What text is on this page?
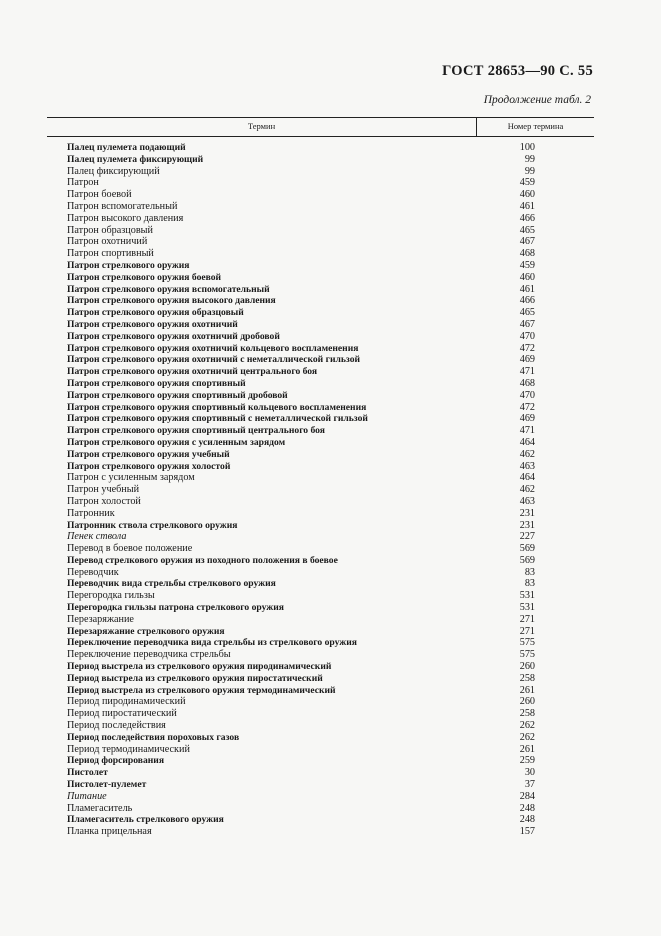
ГОСТ 28653—90 С. 55
Продолжение табл. 2
Термин	Номер термина
Палец пулемета подающий	100
Палец пулемета фиксирующий	99
Палец фиксирующий	99
Патрон	459
Патрон боевой	460
Патрон вспомогательный	461
Патрон высокого давления	466
Патрон образцовый	465
Патрон охотничий	467
Патрон спортивный	468
Патрон стрелкового оружия	459
Патрон стрелкового оружия боевой	460
Патрон стрелкового оружия вспомогательный	461
Патрон стрелкового оружия высокого давления	466
Патрон стрелкового оружия образцовый	465
Патрон стрелкового оружия охотничий	467
Патрон стрелкового оружия охотничий дробовой	470
Патрон стрелкового оружия охотничий кольцевого воспламенения	472
Патрон стрелкового оружия охотничий с неметаллической гильзой	469
Патрон стрелкового оружия охотничий центрального боя	471
Патрон стрелкового оружия спортивный	468
Патрон стрелкового оружия спортивный дробовой	470
Патрон стрелкового оружия спортивный кольцевого воспламенения	472
Патрон стрелкового оружия спортивный с неметаллической гильзой	469
Патрон стрелкового оружия спортивный центрального боя	471
Патрон стрелкового оружия с усиленным зарядом	464
Патрон стрелкового оружия учебный	462
Патрон стрелкового оружия холостой	463
Патрон с усиленным зарядом	464
Патрон учебный	462
Патрон холостой	463
Патронник	231
Патронник ствола стрелкового оружия	231
Пенек ствола	227
Перевод в боевое положение	569
Перевод стрелкового оружия из походного положения в боевое	569
Переводчик	83
Переводчик вида стрельбы стрелкового оружия	83
Перегородка гильзы	531
Перегородка гильзы патрона стрелкового оружия	531
Перезаряжание	271
Перезаряжание стрелкового оружия	271
Переключение переводчика вида стрельбы из стрелкового оружия	575
Переключение переводчика стрельбы	575
Период выстрела из стрелкового оружия пиродинамический	260
Период выстрела из стрелкового оружия пиростатический	258
Период выстрела из стрелкового оружия термодинамический	261
Период пиродинамический	260
Период пиростатический	258
Период последействия	262
Период последействия пороховых газов	262
Период термодинамический	261
Период форсирования	259
Пистолет	30
Пистолет-пулемет	37
Питание	284
Пламегаситель	248
Пламегаситель стрелкового оружия	248
Планка прицельная	157
